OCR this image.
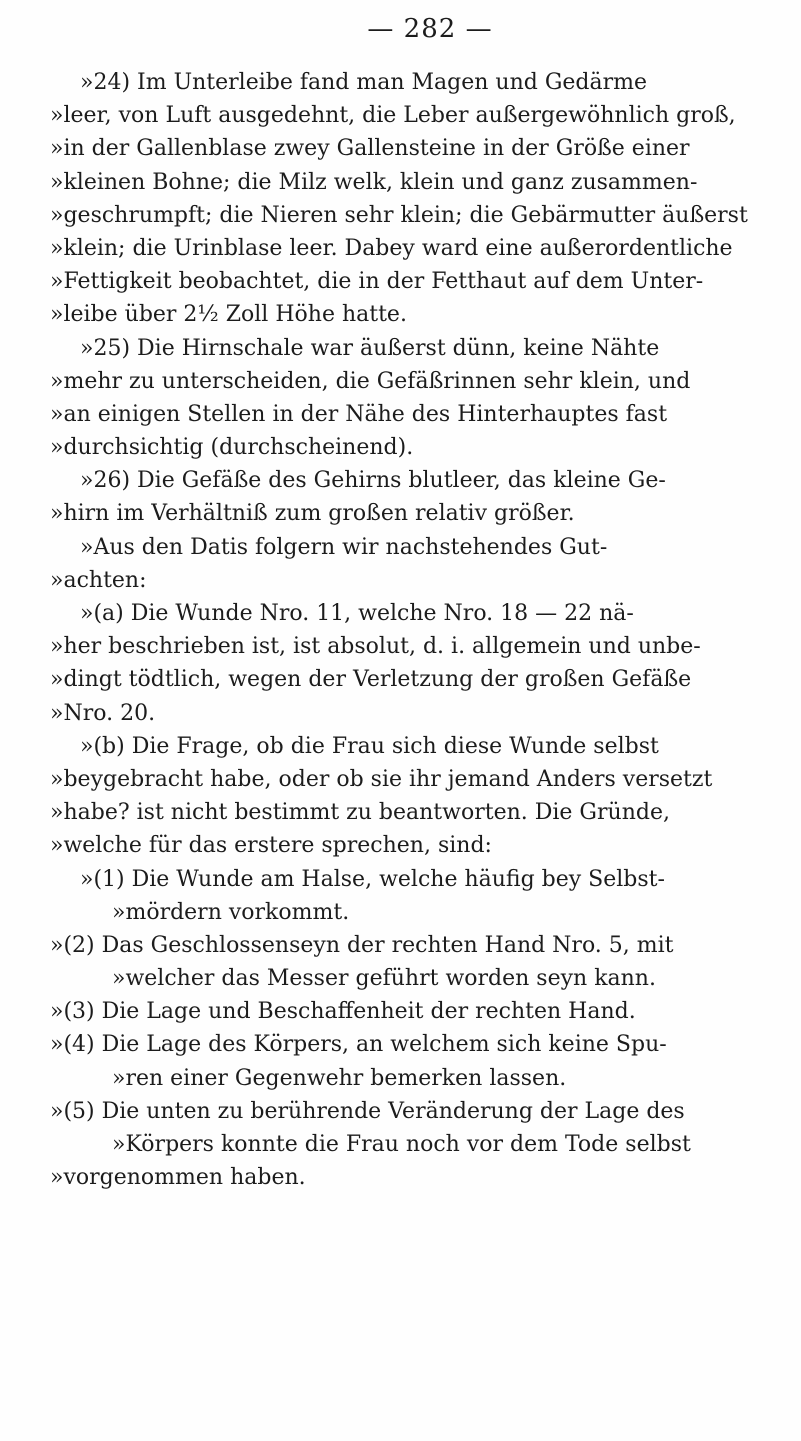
— 282 —
»24) Im Unterleibe fand man Magen und Gedärme
»leer, von Luft ausgedehnt, die Leber außergewöhnlich groß,
»in der Gallenblase zwey Gallensteine in der Größe einer
»kleinen Bohne; die Milz welk, klein und ganz zusammen-
»geschrumpft; die Nieren sehr klein; die Gebärmutter äußerst
»klein; die Urinblase leer. Dabey ward eine außerordentliche
»Fettigkeit beobachtet, die in der Fetthaut auf dem Unter-
»leibe über 2½ Zoll Höhe hatte.
»25) Die Hirnschale war äußerst dünn, keine Nähte
»mehr zu unterscheiden, die Gefäßrinnen sehr klein, und
»an einigen Stellen in der Nähe des Hinterhauptes fast
»durchsichtig (durchscheinend).
»26) Die Gefäße des Gehirns blutleer, das kleine Ge-
»hirn im Verhältniß zum großen relativ größer.
»Aus den Datis folgern wir nachstehendes Gut-
»achten:
»(a) Die Wunde Nro. 11, welche Nro. 18 — 22 nä-
»her beschrieben ist, ist absolut, d. i. allgemein und unbe-
»dingt tödtlich, wegen der Verletzung der großen Gefäße
»Nro. 20.
»(b) Die Frage, ob die Frau sich diese Wunde selbst
»beygebracht habe, oder ob sie ihr jemand Anders versetzt
»habe? ist nicht bestimmt zu beantworten. Die Gründe,
»welche für das erstere sprechen, sind:
»(1) Die Wunde am Halse, welche häufig bey Selbst-
»mördern vorkommt.
»(2) Das Geschlossenseyn der rechten Hand Nro. 5, mit
»welcher das Messer geführt worden seyn kann.
»(3) Die Lage und Beschaffenheit der rechten Hand.
»(4) Die Lage des Körpers, an welchem sich keine Spu-
»ren einer Gegenwehr bemerken lassen.
»(5) Die unten zu berührende Veränderung der Lage des
»Körpers konnte die Frau noch vor dem Tode selbst
»vorgenommen haben.
